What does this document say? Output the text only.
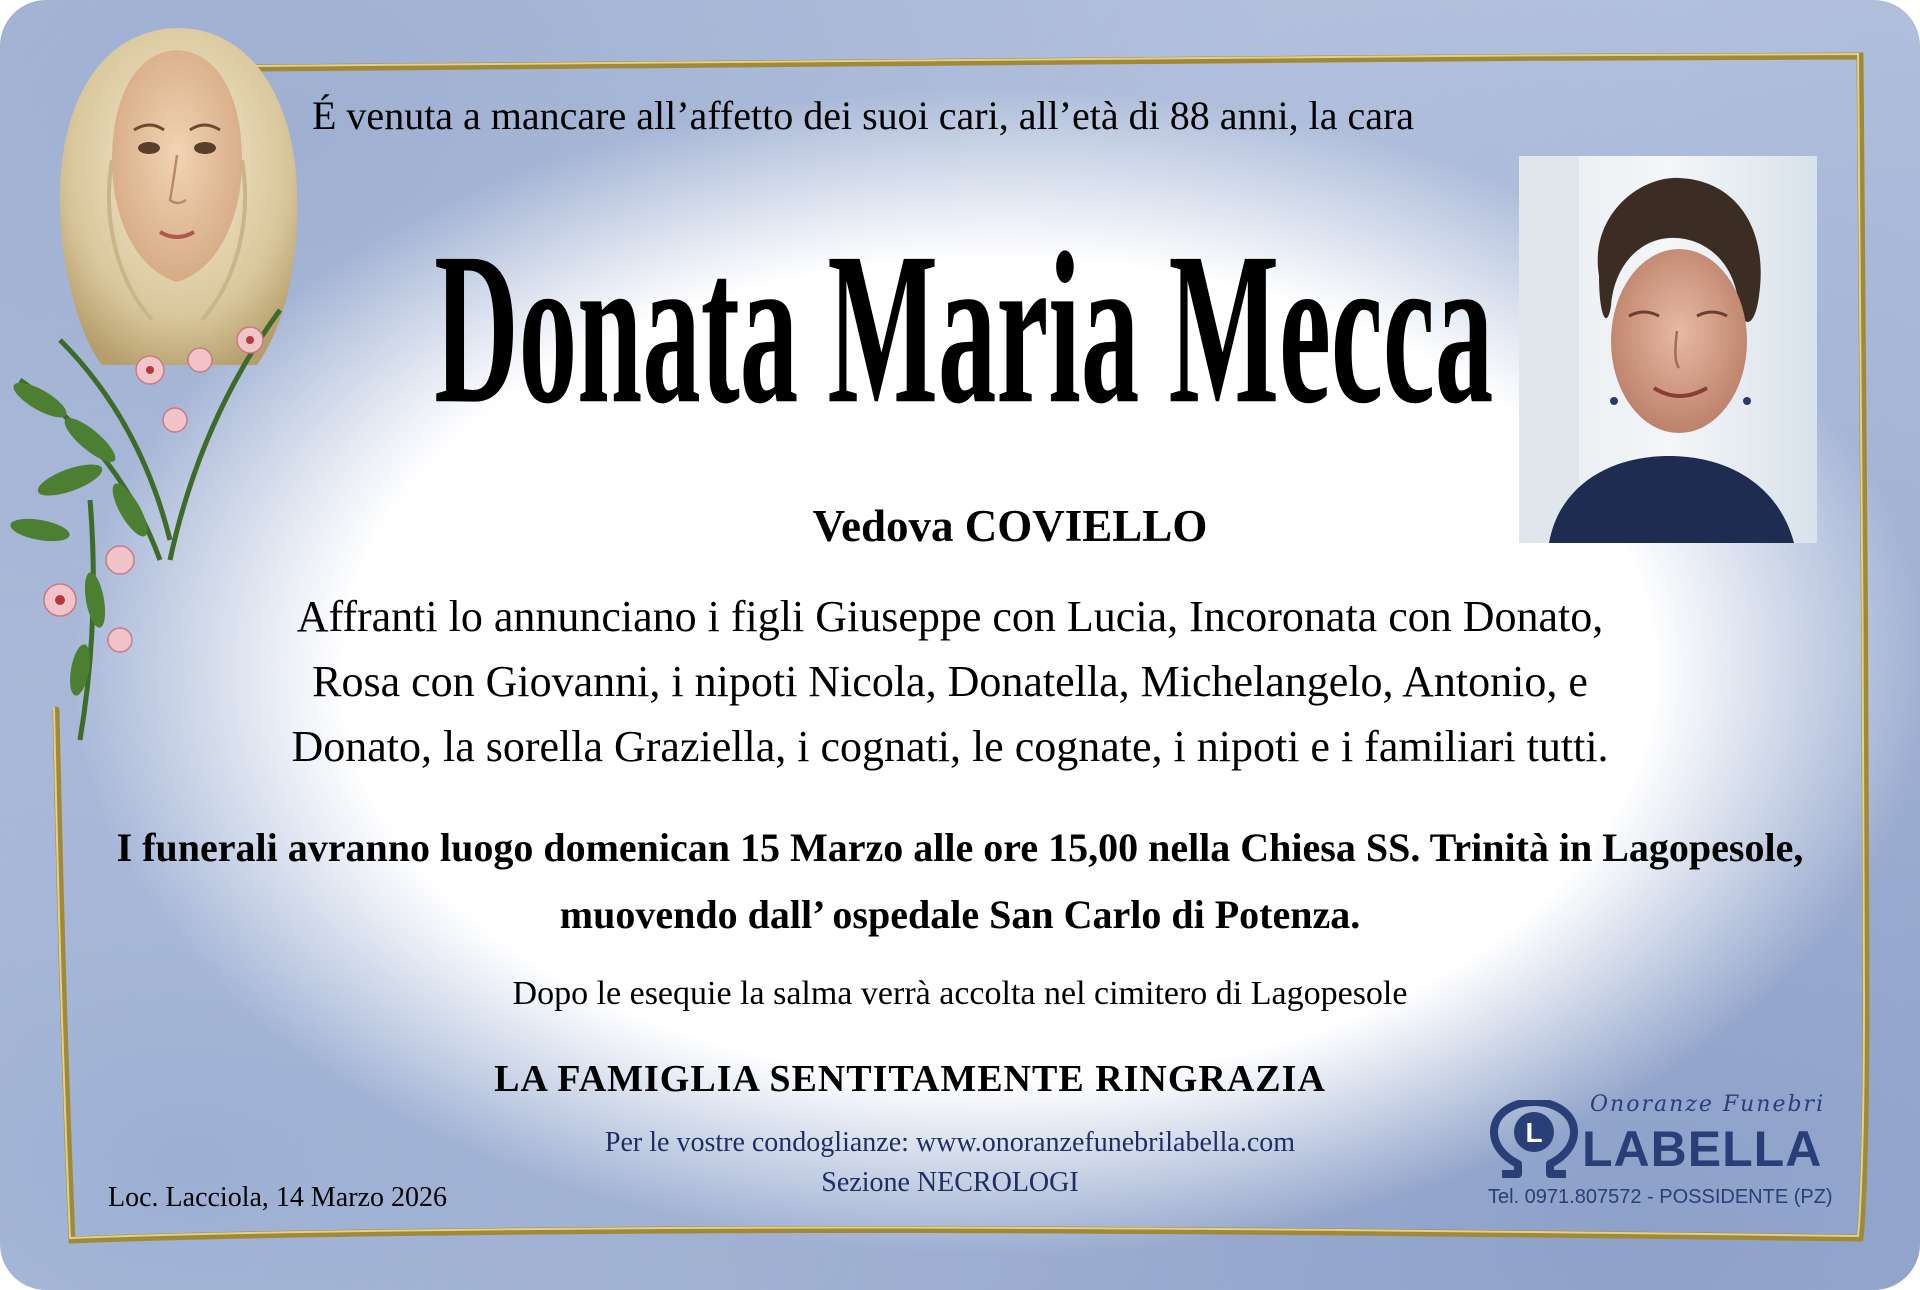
É venuta a mancare all’affetto dei suoi cari, all’età di 88 anni, la cara
Donata Maria Mecca
Vedova COVIELLO
Affranti lo annunciano i figli Giuseppe con Lucia, Incoronata con Donato,
Rosa con Giovanni, i nipoti Nicola, Donatella, Michelangelo, Antonio, e
Donato, la sorella Graziella, i cognati, le cognate, i nipoti e i familiari tutti.
I funerali avranno luogo domenican 15 Marzo alle ore 15,00 nella Chiesa SS. Trinità in Lagopesole,
muovendo dall’ ospedale San Carlo di Potenza.
Dopo le esequie la salma verrà accolta nel cimitero di Lagopesole
LA FAMIGLIA SENTITAMENTE RINGRAZIA
Per le vostre condoglianze: www.onoranzefunebrilabella.com
Sezione NECROLOGI
Loc. Lacciola, 14 Marzo 2026
L
Onoranze Funebri
LABELLA
Tel. 0971.807572 - POSSIDENTE (PZ)
